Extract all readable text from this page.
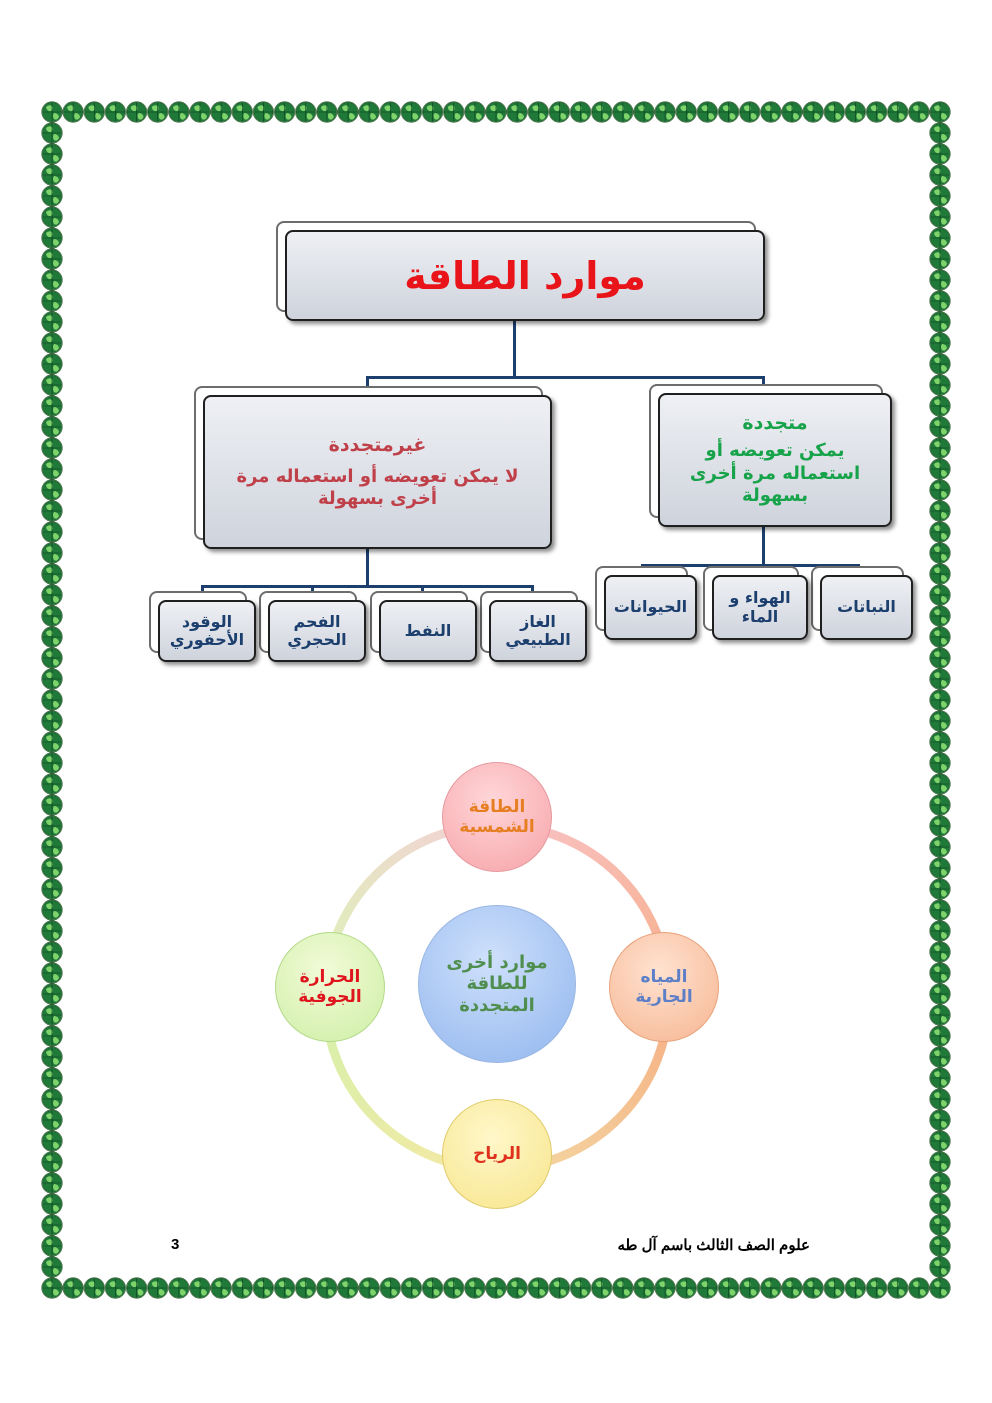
موارد الطاقة
غيرمتجددة
لا يمكن تعويضه أو استعماله مرة أخرى بسهولة
متجددة
يمكن تعويضه أو استعماله مرة أخرى بسهولة
الغاز الطبيعي
النفط
الفحم الحجري
الوقود الأحفوري
النباتات
الهواء و الماء
الحيوانات
موارد أخرى للطاقة المتجددة
الطاقة الشمسية
المياه الجارية
الرياح
الحرارة الجوفية
3	علوم الصف الثالث باسم آل طه
